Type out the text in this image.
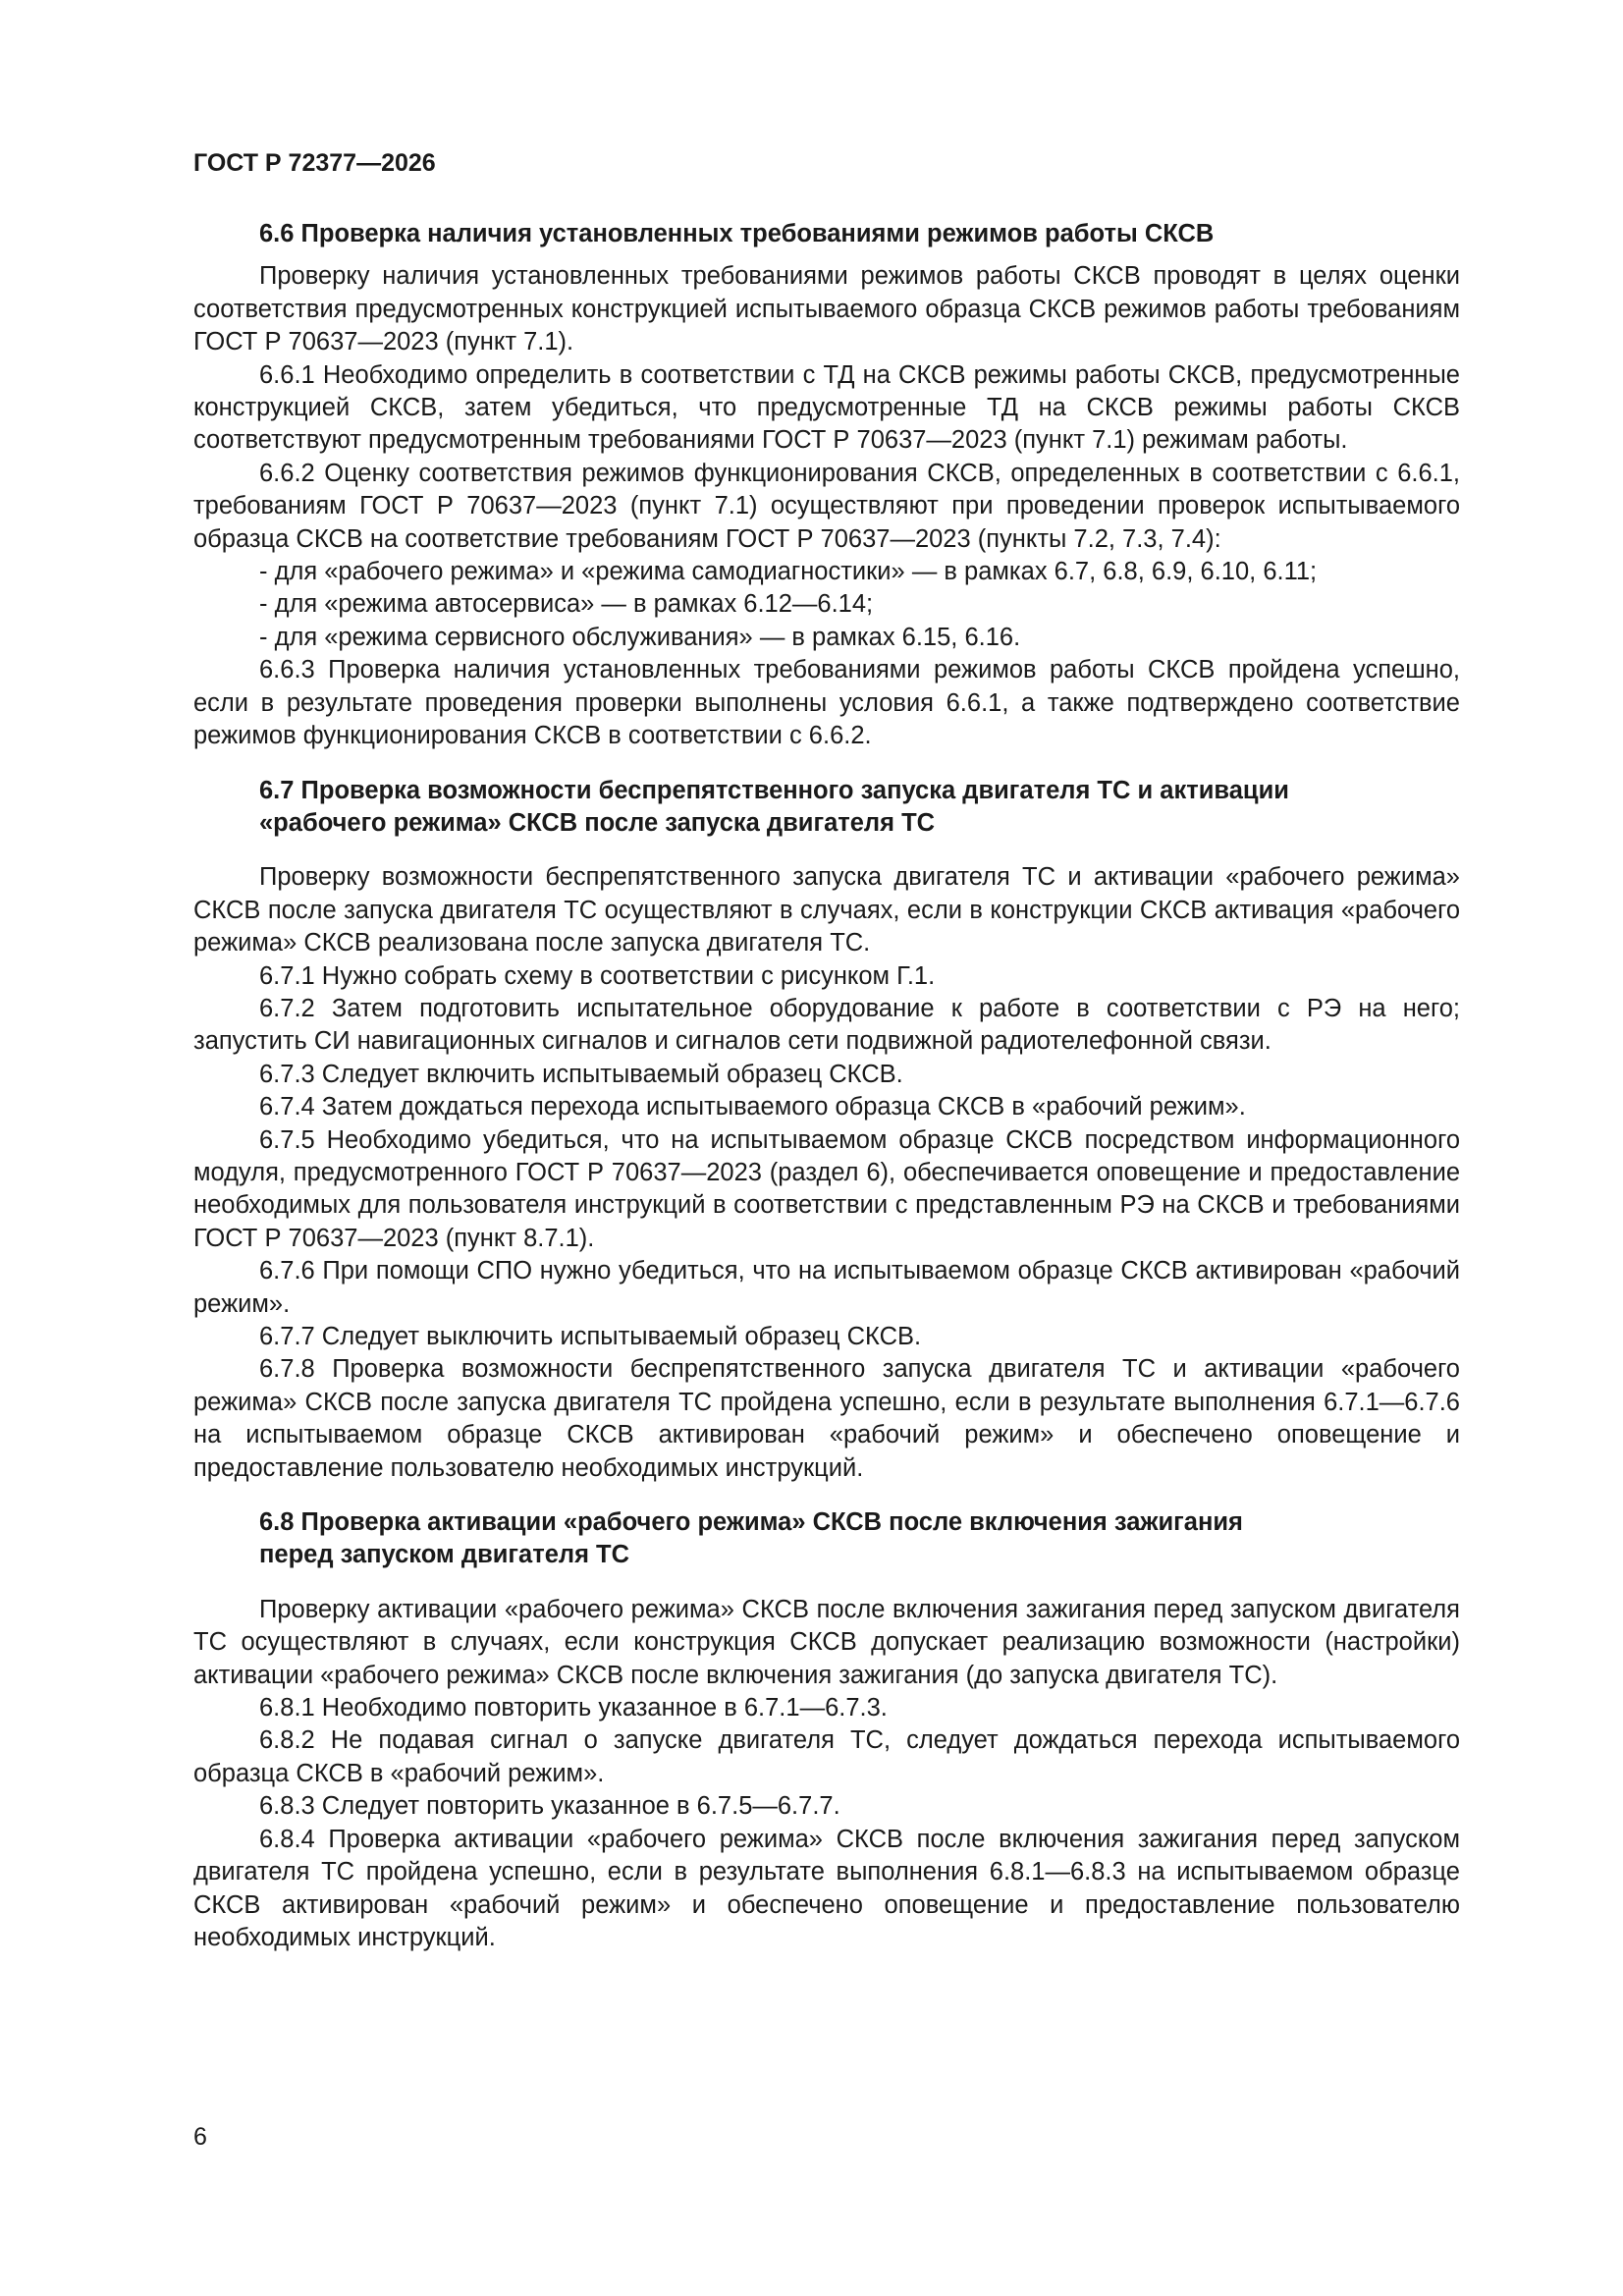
ГОСТ Р 72377—2026
6.6 Проверка наличия установленных требованиями режимов работы СКСВ

Проверку наличия установленных требованиями режимов работы СКСВ проводят в целях оценки соответствия предусмотренных конструкцией испытываемого образца СКСВ режимов работы требованиям ГОСТ Р 70637—2023 (пункт 7.1).

6.6.1 Необходимо определить в соответствии с ТД на СКСВ режимы работы СКСВ, предусмотренные конструкцией СКСВ, затем убедиться, что предусмотренные ТД на СКСВ режимы работы СКСВ соответствуют предусмотренным требованиями ГОСТ Р 70637—2023 (пункт 7.1) режимам работы.

6.6.2 Оценку соответствия режимов функционирования СКСВ, определенных в соответствии с 6.6.1, требованиям ГОСТ Р 70637—2023 (пункт 7.1) осуществляют при проведении проверок испытываемого образца СКСВ на соответствие требованиям ГОСТ Р 70637—2023 (пункты 7.2, 7.3, 7.4):

- для «рабочего режима» и «режима самодиагностики» — в рамках 6.7, 6.8, 6.9, 6.10, 6.11;

- для «режима автосервиса» — в рамках 6.12—6.14;

- для «режима сервисного обслуживания» — в рамках 6.15, 6.16.

6.6.3 Проверка наличия установленных требованиями режимов работы СКСВ пройдена успешно, если в результате проведения проверки выполнены условия 6.6.1, а также подтверждено соответствие режимов функционирования СКСВ в соответствии с 6.6.2.

6.7 Проверка возможности беспрепятственного запуска двигателя ТС и активации
«рабочего режима» СКСВ после запуска двигателя ТС

Проверку возможности беспрепятственного запуска двигателя ТС и активации «рабочего режима» СКСВ после запуска двигателя ТС осуществляют в случаях, если в конструкции СКСВ активация «рабочего режима» СКСВ реализована после запуска двигателя ТС.

6.7.1 Нужно собрать схему в соответствии с рисунком Г.1.

6.7.2 Затем подготовить испытательное оборудование к работе в соответствии с РЭ на него; запустить СИ навигационных сигналов и сигналов сети подвижной радиотелефонной связи.

6.7.3 Следует включить испытываемый образец СКСВ.

6.7.4 Затем дождаться перехода испытываемого образца СКСВ в «рабочий режим».

6.7.5 Необходимо убедиться, что на испытываемом образце СКСВ посредством информационного модуля, предусмотренного ГОСТ Р 70637—2023 (раздел 6), обеспечивается оповещение и предоставление необходимых для пользователя инструкций в соответствии с представленным РЭ на СКСВ и требованиями ГОСТ Р 70637—2023 (пункт 8.7.1).

6.7.6 При помощи СПО нужно убедиться, что на испытываемом образце СКСВ активирован «рабочий режим».

6.7.7 Следует выключить испытываемый образец СКСВ.

6.7.8 Проверка возможности беспрепятственного запуска двигателя ТС и активации «рабочего режима» СКСВ после запуска двигателя ТС пройдена успешно, если в результате выполнения 6.7.1—6.7.6 на испытываемом образце СКСВ активирован «рабочий режим» и обеспечено оповещение и предоставление пользователю необходимых инструкций.

6.8 Проверка активации «рабочего режима» СКСВ после включения зажигания
перед запуском двигателя ТС

Проверку активации «рабочего режима» СКСВ после включения зажигания перед запуском двигателя ТС осуществляют в случаях, если конструкция СКСВ допускает реализацию возможности (настройки) активации «рабочего режима» СКСВ после включения зажигания (до запуска двигателя ТС).

6.8.1 Необходимо повторить указанное в 6.7.1—6.7.3.

6.8.2 Не подавая сигнал о запуске двигателя ТС, следует дождаться перехода испытываемого образца СКСВ в «рабочий режим».

6.8.3 Следует повторить указанное в 6.7.5—6.7.7.

6.8.4 Проверка активации «рабочего режима» СКСВ после включения зажигания перед запуском двигателя ТС пройдена успешно, если в результате выполнения 6.8.1—6.8.3 на испытываемом образце СКСВ активирован «рабочий режим» и обеспечено оповещение и предоставление пользователю необходимых инструкций.

6
